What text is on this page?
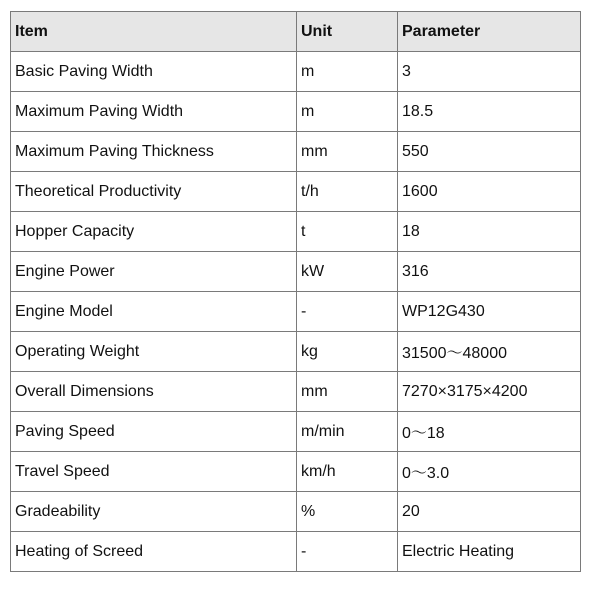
Item	Unit	Parameter
Basic Paving Width	m	3
Maximum Paving Width	m	18.5
Maximum Paving Thickness	mm	550
Theoretical Productivity	t/h	1600
Hopper Capacity	t	18
Engine Power	kW	316
Engine Model	-	WP12G430
Operating Weight	kg	31500～48000
Overall Dimensions	mm	7270×3175×4200
Paving Speed	m/min	0～18
Travel Speed	km/h	0～3.0
Gradeability	%	20
Heating of Screed	-	Electric Heating
